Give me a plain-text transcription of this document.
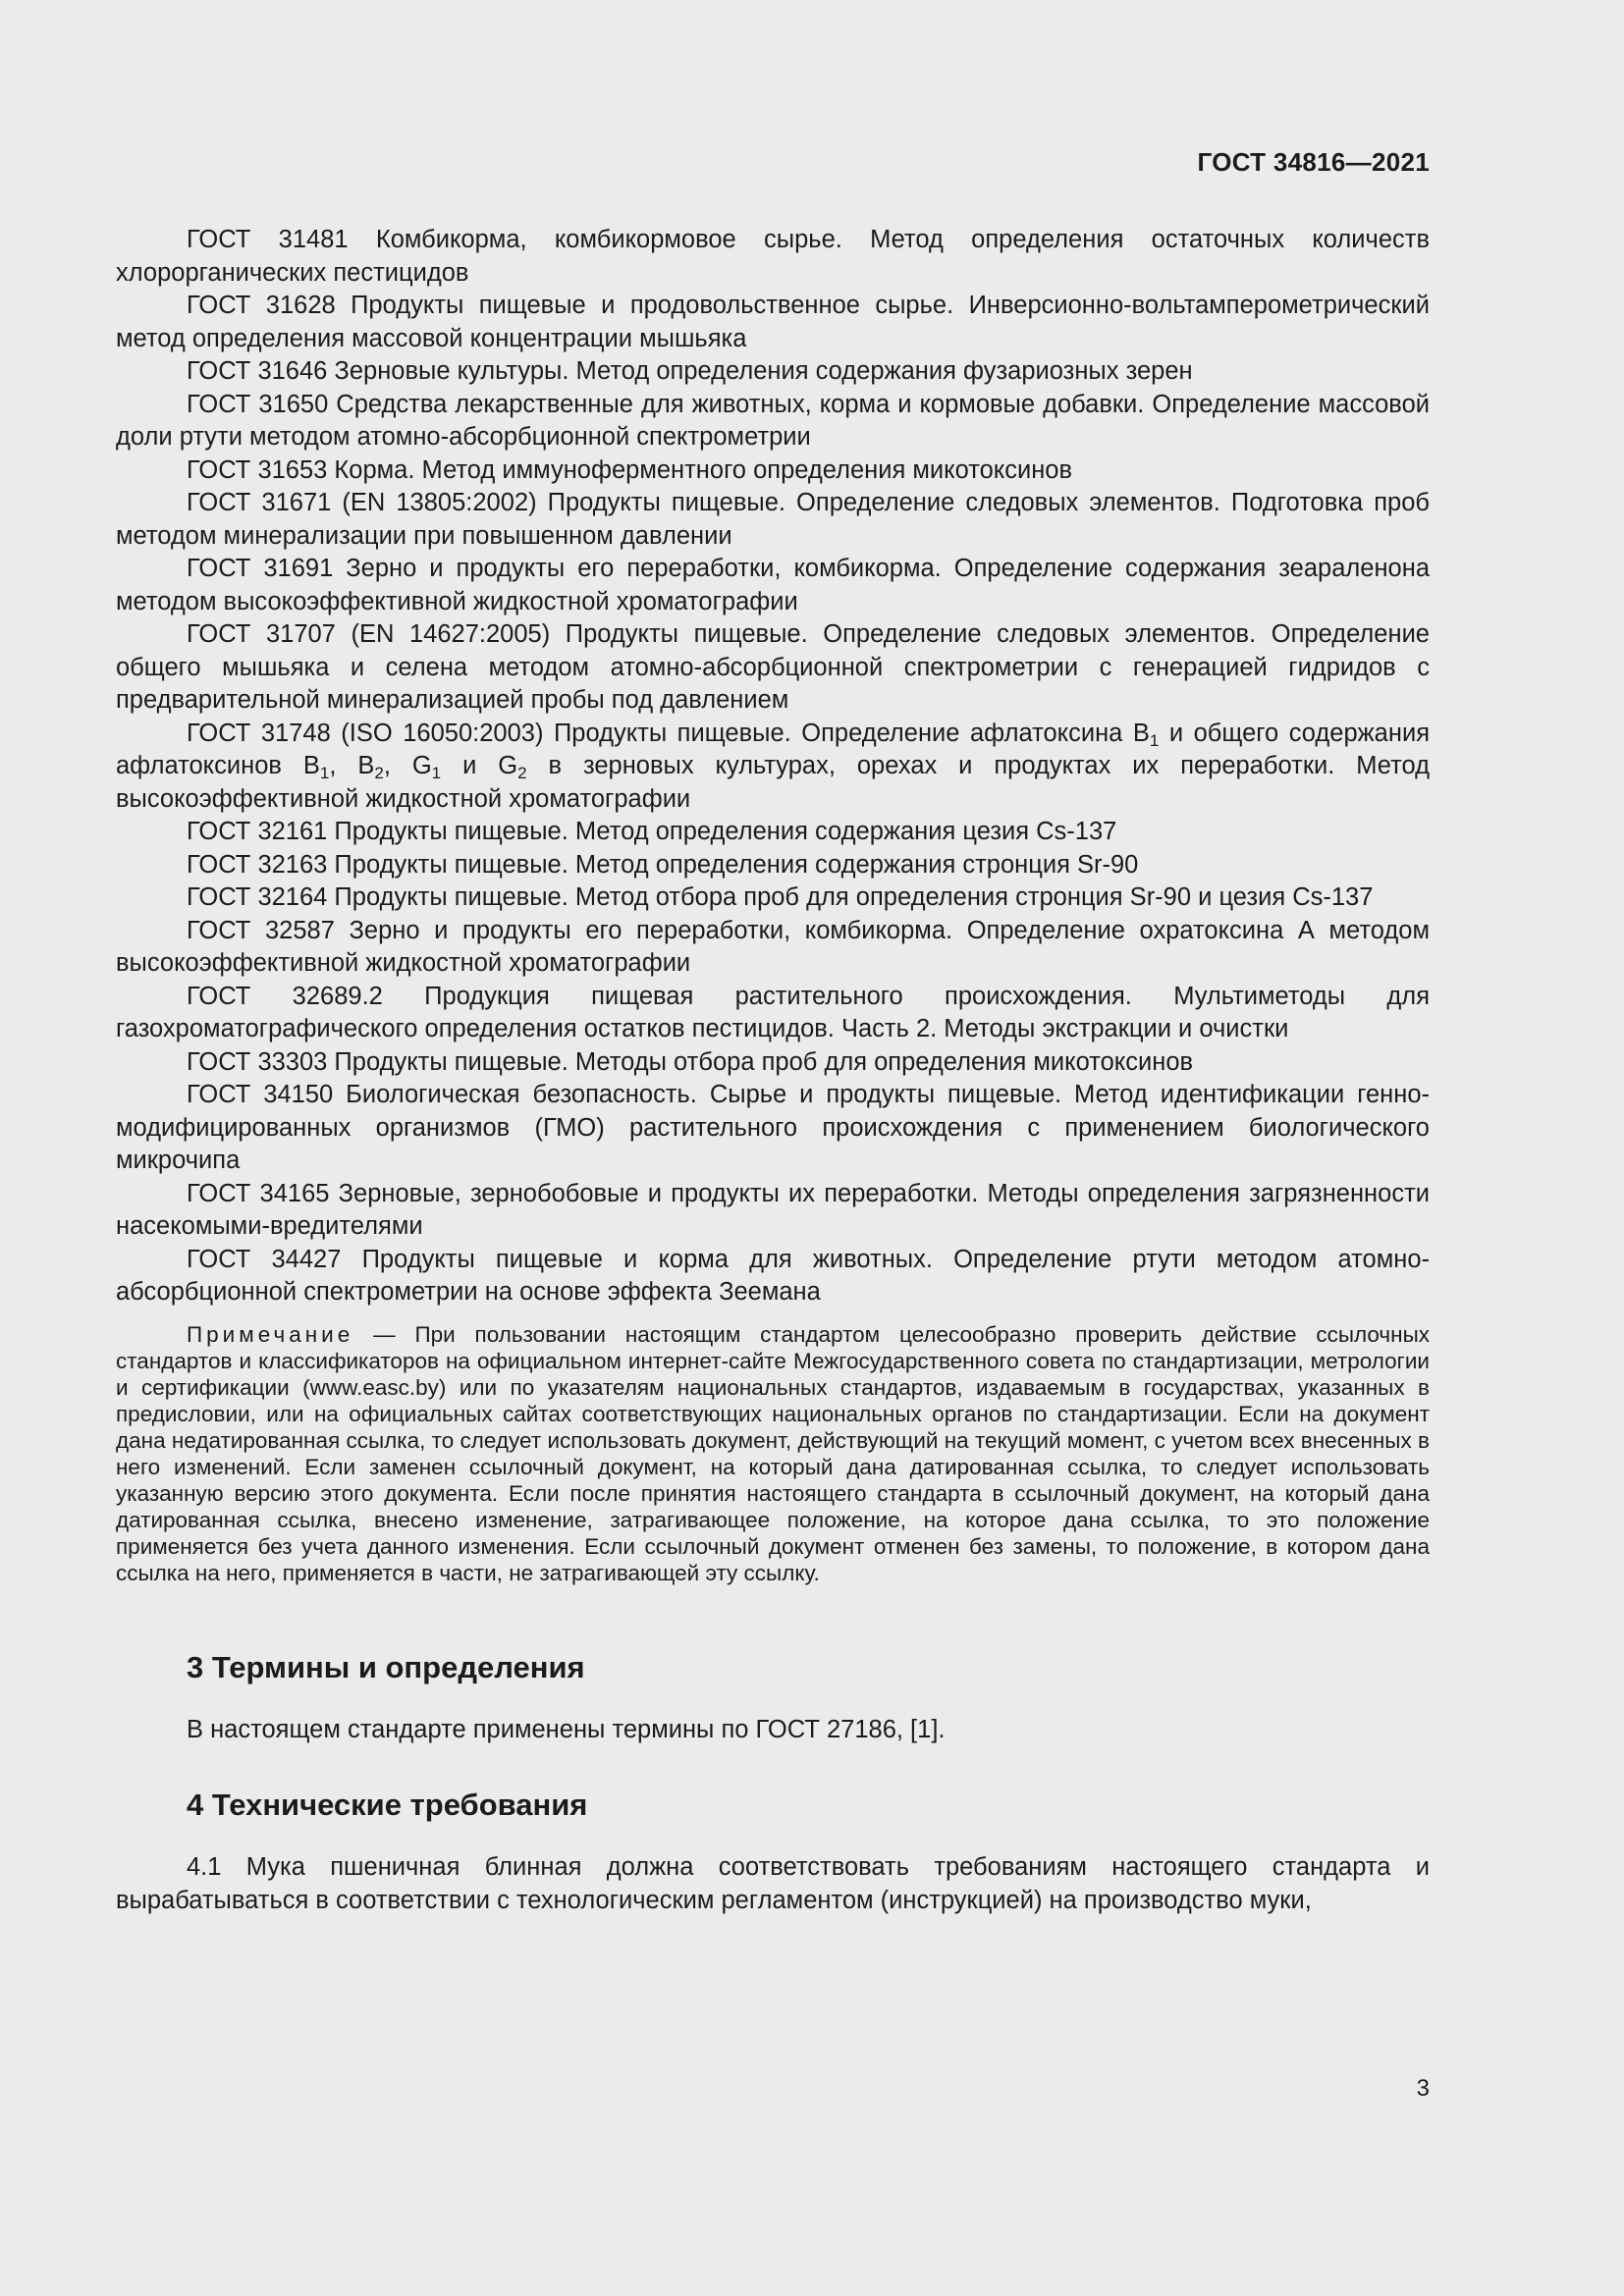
ГОСТ 34816—2021

ГОСТ 31481 Комбикорма, комбикормовое сырье. Метод определения остаточных количеств хлорорганических пестицидов

ГОСТ 31628 Продукты пищевые и продовольственное сырье. Инверсионно-вольтамперометрический метод определения массовой концентрации мышьяка

ГОСТ 31646 Зерновые культуры. Метод определения содержания фузариозных зерен

ГОСТ 31650 Средства лекарственные для животных, корма и кормовые добавки. Определение массовой доли ртути методом атомно-абсорбционной спектрометрии

ГОСТ 31653 Корма. Метод иммуноферментного определения микотоксинов

ГОСТ 31671 (EN 13805:2002) Продукты пищевые. Определение следовых элементов. Подготовка проб методом минерализации при повышенном давлении

ГОСТ 31691 Зерно и продукты его переработки, комбикорма. Определение содержания зеараленона методом высокоэффективной жидкостной хроматографии

ГОСТ 31707 (EN 14627:2005) Продукты пищевые. Определение следовых элементов. Определение общего мышьяка и селена методом атомно-абсорбционной спектрометрии с генерацией гидридов с предварительной минерализацией пробы под давлением

ГОСТ 31748 (ISO 16050:2003) Продукты пищевые. Определение афлатоксина $B_1$ и общего содержания афлатоксинов $B_1$, $B_2$, $G_1$ и $G_2$ в зерновых культурах, орехах и продуктах их переработки. Метод высокоэффективной жидкостной хроматографии

ГОСТ 32161 Продукты пищевые. Метод определения содержания цезия Cs-137

ГОСТ 32163 Продукты пищевые. Метод определения содержания стронция Sr-90

ГОСТ 32164 Продукты пищевые. Метод отбора проб для определения стронция Sr-90 и цезия Cs-137

ГОСТ 32587 Зерно и продукты его переработки, комбикорма. Определение охратоксина А методом высокоэффективной жидкостной хроматографии

ГОСТ 32689.2 Продукция пищевая растительного происхождения. Мультиметоды для газохроматографического определения остатков пестицидов. Часть 2. Методы экстракции и очистки

ГОСТ 33303 Продукты пищевые. Методы отбора проб для определения микотоксинов

ГОСТ 34150 Биологическая безопасность. Сырье и продукты пищевые. Метод идентификации генно-модифицированных организмов (ГМО) растительного происхождения с применением биологического микрочипа

ГОСТ 34165 Зерновые, зернобобовые и продукты их переработки. Методы определения загрязненности насекомыми-вредителями

ГОСТ 34427 Продукты пищевые и корма для животных. Определение ртути методом атомно-абсорбционной спектрометрии на основе эффекта Зеемана

Примечание — При пользовании настоящим стандартом целесообразно проверить действие ссылочных стандартов и классификаторов на официальном интернет-сайте Межгосударственного совета по стандартизации, метрологии и сертификации (www.easc.by) или по указателям национальных стандартов, издаваемым в государствах, указанных в предисловии, или на официальных сайтах соответствующих национальных органов по стандартизации. Если на документ дана недатированная ссылка, то следует использовать документ, действующий на текущий момент, с учетом всех внесенных в него изменений. Если заменен ссылочный документ, на который дана датированная ссылка, то следует использовать указанную версию этого документа. Если после принятия настоящего стандарта в ссылочный документ, на который дана датированная ссылка, внесено изменение, затрагивающее положение, на которое дана ссылка, то это положение применяется без учета данного изменения. Если ссылочный документ отменен без замены, то положение, в котором дана ссылка на него, применяется в части, не затрагивающей эту ссылку.
3 Термины и определения

В настоящем стандарте применены термины по ГОСТ 27186, [1].

4 Технические требования

4.1 Мука пшеничная блинная должна соответствовать требованиям настоящего стандарта и вырабатываться в соответствии с технологическим регламентом (инструкцией) на производство муки,

3
